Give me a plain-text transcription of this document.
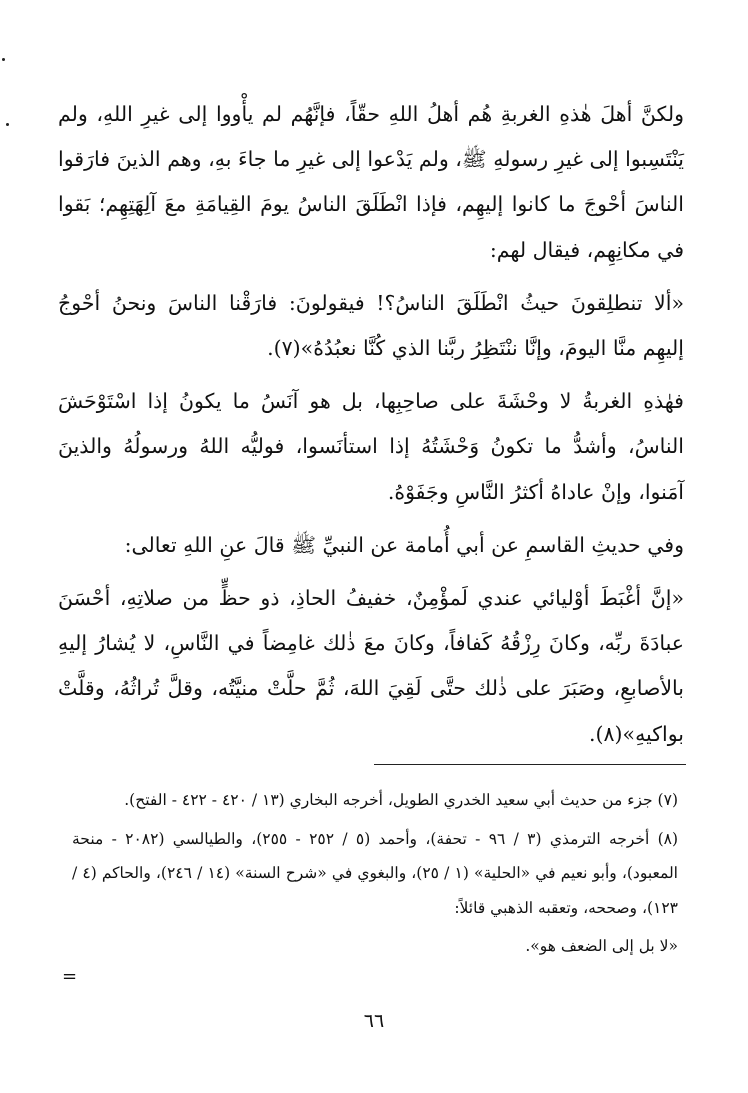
ولكنَّ أهلَ هٰذهِ الغربةِ هُم أهلُ اللهِ حقّاً، فإنَّهُم لم يأْووا إلى غيرِ اللهِ، ولم يَنْتَسِبوا إلى غيرِ رسولهِ ﷺ، ولم يَدْعوا إلى غيرِ ما جاءَ بهِ، وهم الذينَ فارَقوا الناسَ أحْوجَ ما كانوا إليهِم، فإذا انْطَلَقَ الناسُ يومَ القِيامَةِ معَ آلِهَتِهِم؛ بَقوا في مكانِهِم، فيقال لهم:

«ألا تنطلِقونَ حيثُ انْطَلَقَ الناسُ؟! فيقولونَ: فارَقْنا الناسَ ونحنُ أحْوجُ إليهِم منَّا اليومَ، وإنَّا ننْتَظِرُ ربَّنا الذي كُنَّا نعبُدُهُ»(٧).

فهٰذهِ الغربةُ لا وحْشَةَ على صاحِبِها، بل هو آنَسُ ما يكونُ إذا اسْتَوْحَشَ الناسُ، وأشدُّ ما تكونُ وَحْشَتُهُ إذا استأنَسوا، فوليُّه اللهُ ورسولُهُ والذينَ آمَنوا، وإنْ عاداهُ أكثرُ النَّاسِ وجَفَوْهُ.

وفي حديثِ القاسمِ عن أبي أُمامة عن النبيِّ ﷺ قالَ عنِ اللهِ تعالى:

«إنَّ أغْبَطَ أوْليائي عندي لَمؤْمِنٌ، خفيفُ الحاذِ، ذو حظٍّ من صلاتِهِ، أحْسَنَ عبادَةَ ربِّه، وكانَ رِزْقُهُ كَفافاً، وكانَ معَ ذٰلك غامِضاً في النَّاسِ، لا يُشارُ إليهِ بالأصابعِ، وصَبَرَ على ذٰلك حتَّى لَقِيَ اللهَ، ثُمَّ حلَّتْ منيَّتُه، وقلَّ تُراثُهُ، وقلَّتْ بواكيهِ»(٨).

(٧) جزء من حديث أبي سعيد الخدري الطويل، أخرجه البخاري (١٣ / ٤٢٠ - ٤٢٢ - الفتح).

(٨) أخرجه الترمذي (٣ / ٩٦ - تحفة)، وأحمد (٥ / ٢٥٢ - ٢٥٥)، والطيالسي (٢٠٨٢ - منحة المعبود)، وأبو نعيم في «الحلية» (١ / ٢٥)، والبغوي في «شرح السنة» (١٤ / ٢٤٦)، والحاكم (٤ / ١٢٣)، وصححه، وتعقبه الذهبي قائلاً:

«لا بل إلى الضعف هو».

=
٦٦
